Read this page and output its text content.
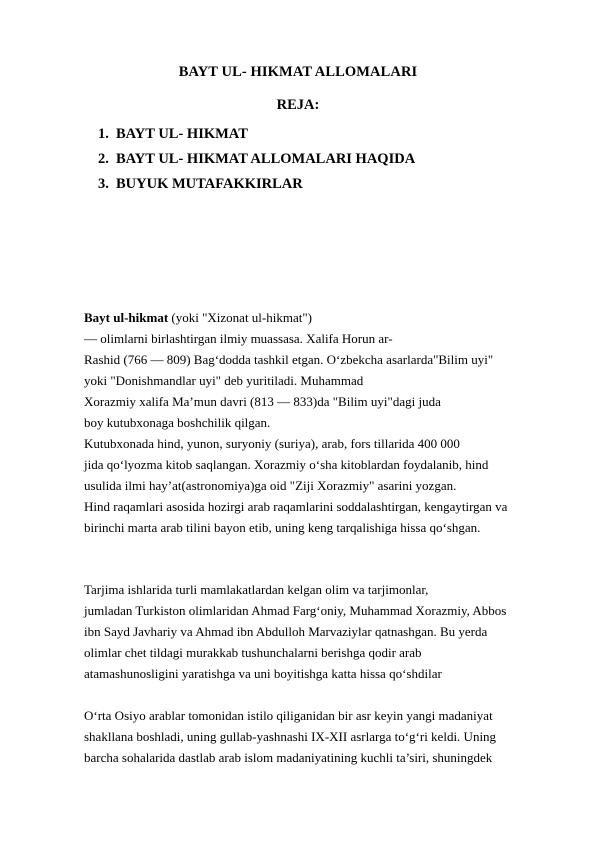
BAYT UL- HIKMAT ALLOMALARI
REJA:
1. BAYT UL- HIKMAT
2. BAYT UL- HIKMAT ALLOMALARI HAQIDA
3. BUYUK MUTAFAKKIRLAR
Bayt ul-hikmat (yoki "Xizonat ul-hikmat")
— olimlarni birlashtirgan ilmiy muassasa. Xalifa Horun ar-
Rashid (766 — 809) Bag‘dodda tashkil etgan. O‘zbekcha asarlarda"Bilim uyi"
yoki "Donishmandlar uyi" deb yuritiladi. Muhammad
Xorazmiy xalifa Ma’mun davri (813 — 833)da "Bilim uyi"dagi juda
boy kutubxonaga boshchilik qilgan.
Kutubxonada hind, yunon, suryoniy (suriya), arab, fors tillarida 400 000
jida qo‘lyozma kitob saqlangan. Xorazmiy o‘sha kitoblardan foydalanib, hind
usulida ilmi hay’at(astronomiya)ga oid "Ziji Xorazmiy" asarini yozgan.
Hind raqamlari asosida hozirgi arab raqamlarini soddalashtirgan, kengaytirgan va
birinchi marta arab tilini bayon etib, uning keng tarqalishiga hissa qo‘shgan.
Tarjima ishlarida turli mamlakatlardan kelgan olim va tarjimonlar,
jumladan Turkiston olimlaridan Ahmad Farg‘oniy, Muhammad Xorazmiy, Abbos
ibn Sayd Javhariy va Ahmad ibn Abdulloh Marvaziylar qatnashgan. Bu yerda
olimlar chet tildagi murakkab tushunchalarni berishga qodir arab
atamashunosligini yaratishga va uni boyitishga katta hissa qo‘shdilar
O‘rta Osiyo arablar tomonidan istilo qiliganidan bir asr keyin yangi madaniyat
shakllana boshladi, uning gullab-yashnashi IX-XII asrlarga to‘g‘ri keldi. Uning
barcha sohalarida dastlab arab islom madaniyatining kuchli ta’siri, shuningdek
